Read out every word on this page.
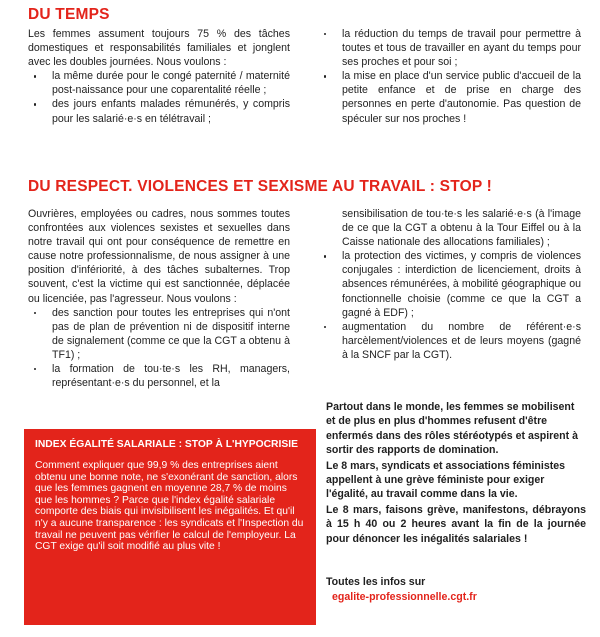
DU TEMPS

Les femmes assument toujours 75 % des tâches domestiques et responsabilités familiales et jonglent avec les doubles journées. Nous voulons :

la même durée pour le congé paternité / maternité post-naissance pour une coparentalité réelle ;
des jours enfants malades rémunérés, y compris pour les salarié·e·s en télétravail ;
la réduction du temps de travail pour permettre à toutes et tous de travailler en ayant du temps pour ses proches et pour soi ;
la mise en place d'un service public d'accueil de la petite enfance et de prise en charge des personnes en perte d'autonomie. Pas question de spéculer sur nos proches !
DU RESPECT. VIOLENCES ET SEXISME AU TRAVAIL : STOP !

Ouvrières, employées ou cadres, nous sommes toutes confrontées aux violences sexistes et sexuelles dans notre travail qui ont pour conséquence de remettre en cause notre professionnalisme, de nous assigner à une position d'infériorité, à des tâches subalternes. Trop souvent, c'est la victime qui est sanctionnée, déplacée ou licenciée, pas l'agresseur. Nous voulons :

des sanction pour toutes les entreprises qui n'ont pas de plan de prévention ni de dispositif interne de signalement (comme ce que la CGT a obtenu à TF1) ;
la formation de tou·te·s les RH, managers, représentant·e·s du personnel, et la

sensibilisation de tou·te·s les salarié·e·s (à l'image de ce que la CGT a obtenu à la Tour Eiffel ou à la Caisse nationale des allocations familiales) ;

la protection des victimes, y compris de violences conjugales : interdiction de licenciement, droits à absences rémunérées, à mobilité géographique ou fonctionnelle choisie (comme ce que la CGT a gagné à EDF) ;
augmentation du nombre de référent·e·s harcèlement/violences et de leurs moyens (gagné à la SNCF par la CGT).
INDEX ÉGALITÉ SALARIALE : STOP À L'HYPOCRISIE
Comment expliquer que 99,9 % des entreprises aient obtenu une bonne note, ne s'exonérant de sanction, alors que les femmes gagnent en moyenne 28,7 % de moins que les hommes ? Parce que l'index égalité salariale comporte des biais qui invisibilisent les inégalités. Et qu'il n'y a aucune transparence : les syndicats et l'Inspection du travail ne peuvent pas vérifier le calcul de l'employeur. La CGT exige qu'il soit modifié au plus vite !

Partout dans le monde, les femmes se mobilisent et de plus en plus d'hommes refusent d'être enfermés dans des rôles stéréotypés et aspirent à sortir des rapports de domination.

Le 8 mars, syndicats et associations féministes appellent à une grève féministe pour exiger l'égalité, au travail comme dans la vie.

Le 8 mars, faisons grève, manifestons, débrayons à 15 h 40 ou 2 heures avant la fin de la journée pour dénoncer les inégalités salariales !

Toutes les infos sur
egalite-professionnelle.cgt.fr
